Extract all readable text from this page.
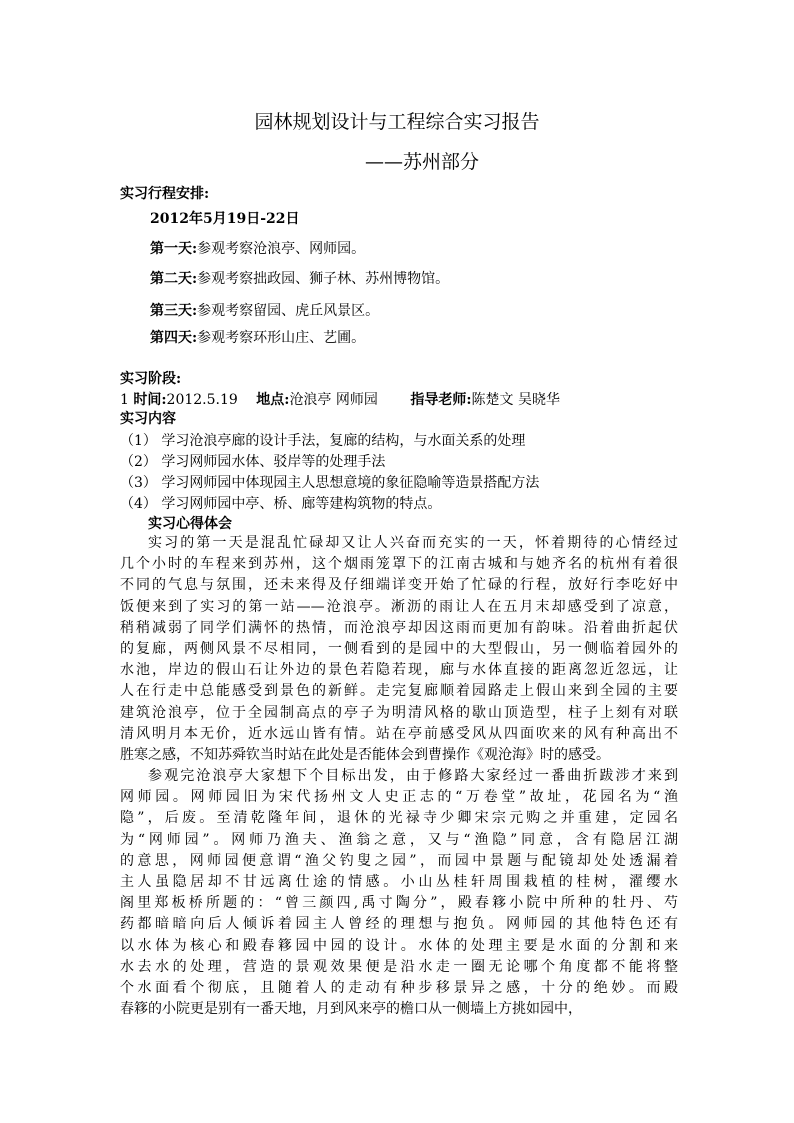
园林规划设计与工程综合实习报告
——苏州部分
实习行程安排:
2012年5月19日-22日
第一天:参观考察沧浪亭、网师园。
第二天:参观考察拙政园、狮子林、苏州博物馆。
第三天:参观考察留园、虎丘风景区。
第四天:参观考察环形山庄、艺圃。
实习阶段:
1 时间:2012.5.19 地点:沧浪亭 网师园 指导老师:陈楚文 吴晓华
实习内容
（1） 学习沧浪亭廊的设计手法，复廊的结构，与水面关系的处理
（2） 学习网师园水体、驳岸等的处理手法
（3） 学习网师园中体现园主人思想意境的象征隐喻等造景搭配方法
（4） 学习网师园中亭、桥、廊等建构筑物的特点。
实习心得体会
实习的第一天是混乱忙碌却又让人兴奋而充实的一天，怀着期待的心情经过
几个小时的车程来到苏州，这个烟雨笼罩下的江南古城和与她齐名的杭州有着很
不同的气息与氛围，还未来得及仔细端详变开始了忙碌的行程，放好行李吃好中
饭便来到了实习的第一站——沧浪亭。淅沥的雨让人在五月末却感受到了凉意，
稍稍减弱了同学们满怀的热情，而沧浪亭却因这雨而更加有韵味。沿着曲折起伏
的复廊，两侧风景不尽相同，一侧看到的是园中的大型假山，另一侧临着园外的
水池，岸边的假山石让外边的景色若隐若现，廊与水体直接的距离忽近忽远，让
人在行走中总能感受到景色的新鲜。走完复廊顺着园路走上假山来到全园的主要
建筑沧浪亭，位于全园制高点的亭子为明清风格的歇山顶造型，柱子上刻有对联
清风明月本无价，近水远山皆有情。站在亭前感受风从四面吹来的风有种高出不
胜寒之感，不知苏舜钦当时站在此处是否能体会到曹操作《观沧海》时的感受。
参观完沧浪亭大家想下个目标出发，由于修路大家经过一番曲折跋涉才来到
网师园。网师园旧为宋代扬州文人史正志的“万卷堂”故址，花园名为“渔
隐”，后废。至清乾隆年间，退休的光禄寺少卿宋宗元购之并重建，定园名
为“网师园”。网师乃渔夫、渔翁之意，又与“渔隐”同意，含有隐居江湖
的意思，网师园便意谓“渔父钓叟之园”，而园中景题与配镜却处处透漏着
主人虽隐居却不甘远离仕途的情感。小山丛桂轩周围栽植的桂树，濯缨水
阁里郑板桥所题的：“曾三颜四,禹寸陶分”，殿春簃小院中所种的牡丹、芍
药都暗暗向后人倾诉着园主人曾经的理想与抱负。网师园的其他特色还有
以水体为核心和殿春簃园中园的设计。水体的处理主要是水面的分割和来
水去水的处理，营造的景观效果便是沿水走一圈无论哪个角度都不能将整
个水面看个彻底，且随着人的走动有种步移景异之感，十分的绝妙。而殿
春簃的小院更是别有一番天地，月到风来亭的檐口从一侧墙上方挑如园中，
